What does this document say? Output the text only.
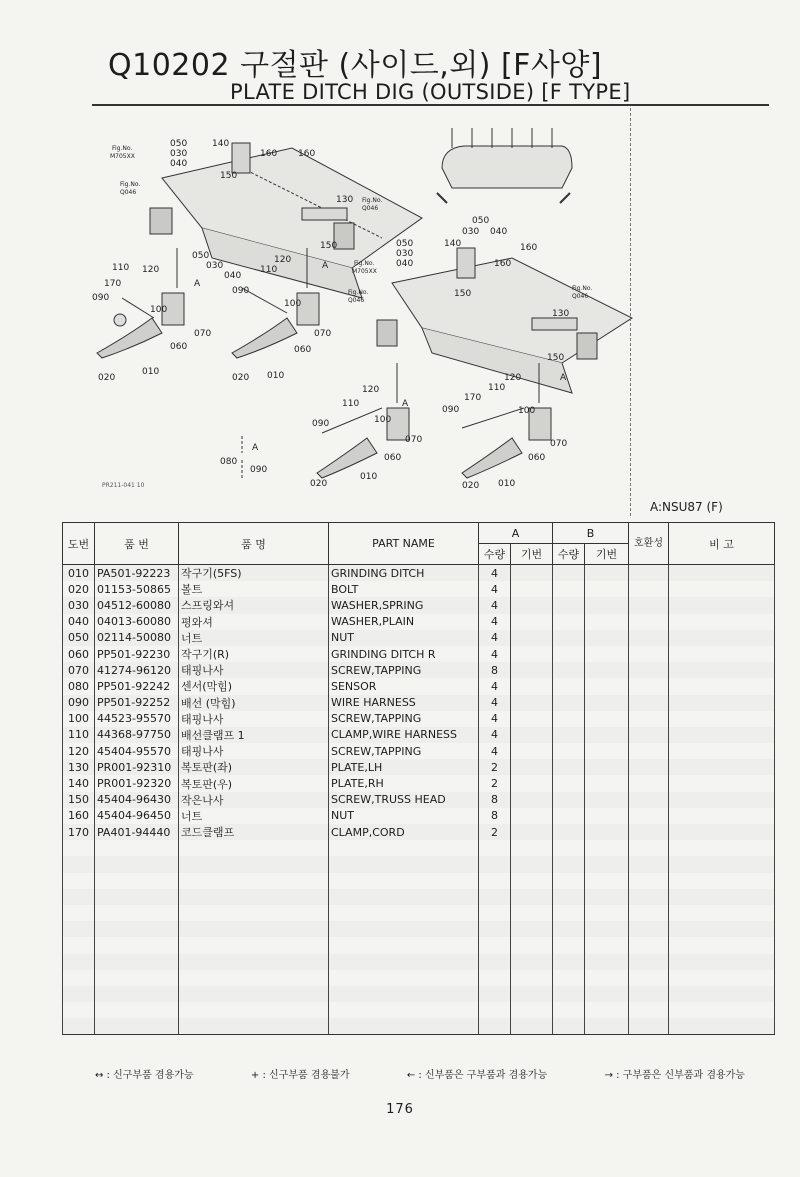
Q10202 구절판 (사이드,외) [F사양]
PLATE DITCH DIG (OUTSIDE) [F TYPE]
Fig.No.
M705XX
Fig.No.
Q046
Fig.No.
Q046
Fig.No.
M705XX
Fig.No.
Q046
Fig.No.
Q046
050
030
040
140
160 160
150
130
150
050
030
040
110 120
170
090
100
070
060
020
010
A
090
110
120
100
070
060
020 010
A
050
030 040
050
030
040
140	160
160
150
130
150
120
110	A
090	100
070
060
020
010
120
110
A
170
090	100
070
060
020 010
A
080
090
PR211-041 10
A:NSU87 (F)
도번	품 번	품 명	PART NAME	A		B		호환성	비 고
				수량	기번	수량	기번		
010	PA501-92223	작구기(5FS)	GRINDING DITCH	4					
020	01153-50865	볼트	BOLT	4					
030	04512-60080	스프링와셔	WASHER,SPRING	4					
040	04013-60080	평와셔	WASHER,PLAIN	4					
050	02114-50080	너트	NUT	4					
060	PP501-92230	작구기(R)	GRINDING DITCH R	4					
070	41274-96120	태핑나사	SCREW,TAPPING	8					
080	PP501-92242	센서(막힘)	SENSOR	4					
090	PP501-92252	배선 (막힘)	WIRE HARNESS	4					
100	44523-95570	태핑나사	SCREW,TAPPING	4					
110	44368-97750	배선클램프 1	CLAMP,WIRE HARNESS	4					
120	45404-95570	태핑나사	SCREW,TAPPING	4					
130	PR001-92310	복토판(좌)	PLATE,LH	2					
140	PR001-92320	복토판(우)	PLATE,RH	2					
150	45404-96430	작은나사	SCREW,TRUSS HEAD	8					
160	45404-96450	너트	NUT	8					
170	PA401-94440	코드클램프	CLAMP,CORD	2					

↔ : 신구부품 겸용가능	+ : 신구부품 겸용불가	← : 신부품은 구부품과 겸용가능	→ : 구부품은 신부품과 겸용가능
176
